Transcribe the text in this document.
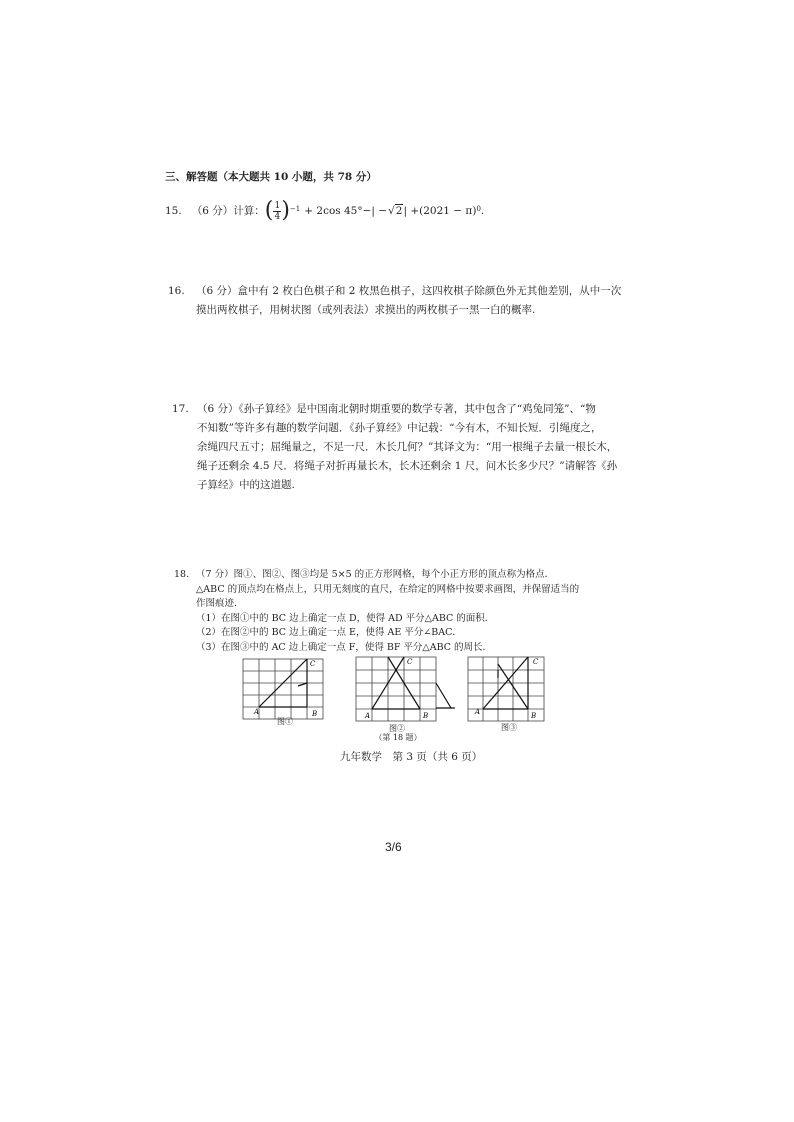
三、解答题（本大题共 10 小题，共 78 分）
15. （6 分）计算： ( $\frac{1}{4}$ ) −1 + 2cos 45°−| − √2 | +(2021 − π) 0 .
16. （6 分）盒中有 2 枚白色棋子和 2 枚黑色棋子，这四枚棋子除颜色外无其他差别，从中一次
摸出两枚棋子，用树状图（或列表法）求摸出的两枚棋子一黑一白的概率.
17. （6 分）《孙子算经》是中国南北朝时期重要的数学专著，其中包含了“鸡兔同笼”、“物
不知数”等许多有趣的数学问题．《孙子算经》中记载：“今有木，不知长短．引绳度之，
余绳四尺五寸；屈绳量之，不足一尺．木长几何？”其译文为：“用一根绳子去量一根长木，
绳子还剩余 4.5 尺．将绳子对折再量长木，长木还剩余 1 尺，问木长多少尺？”请解答《孙
子算经》中的这道题.
18. （7 分）图①、图②、图③均是 5×5 的正方形网格，每个小正方形的顶点称为格点．
△ABC 的顶点均在格点上，只用无刻度的直尺，在给定的网格中按要求画图，并保留适当的
作图痕迹．
（1）在图①中的 BC 边上确定一点 D，使得 AD 平分△ABC 的面积．
（2）在图②中的 BC 边上确定一点 E，使得 AE 平分∠BAC．
（3）在图③中的 AC 边上确定一点 F，使得 BF 平分△ABC 的周长．
A	B
C
图①
A	B
C
图②
（第 18 题）
A	B
C
图③
九年数学　第 3 页（共 6 页）
3/6
